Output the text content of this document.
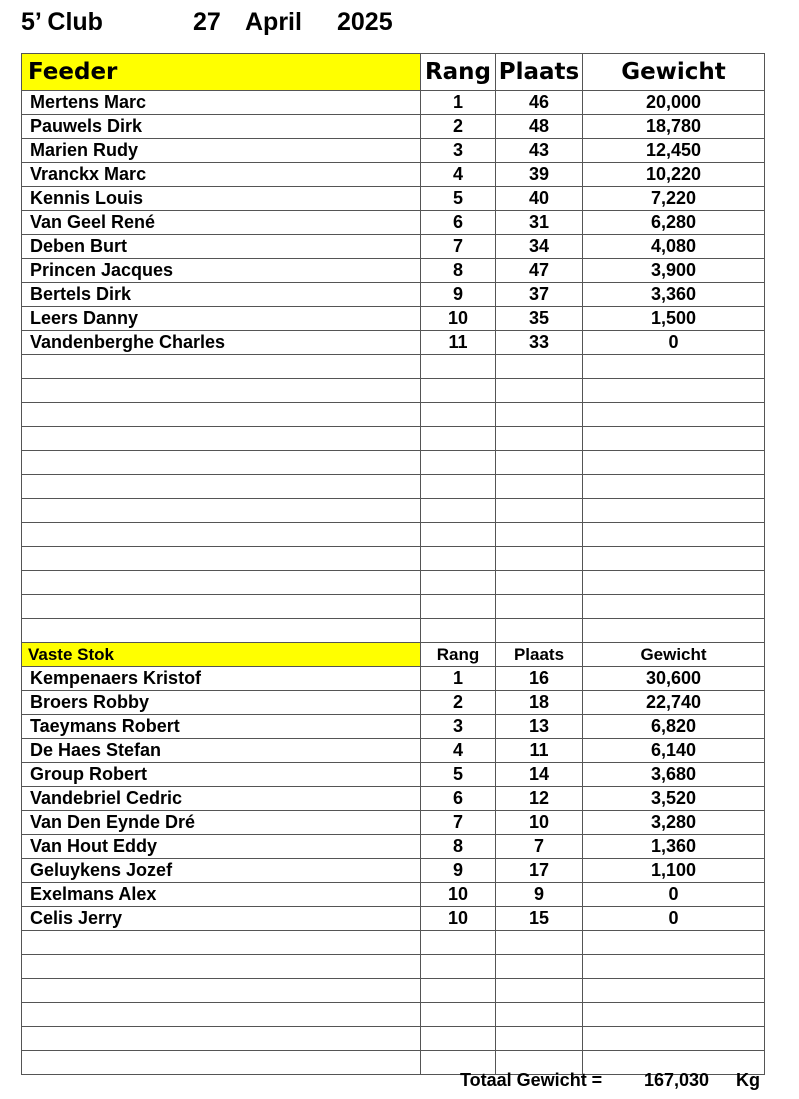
5’ Club	27 April 2025
Feeder	Rang	Plaats	Gewicht
Mertens Marc	1	46	20,000
Pauwels Dirk	2	48	18,780
Marien Rudy	3	43	12,450
Vranckx Marc	4	39	10,220
Kennis Louis	5	40	7,220
Van Geel René	6	31	6,280
Deben Burt	7	34	4,080
Princen Jacques	8	47	3,900
Bertels Dirk	9	37	3,360
Leers Danny	10	35	1,500
Vandenberghe Charles	11	33	0

Vaste Stok	Rang	Plaats	Gewicht
Kempenaers Kristof	1	16	30,600
Broers Robby	2	18	22,740
Taeymans Robert	3	13	6,820
De Haes Stefan	4	11	6,140
Group Robert	5	14	3,680
Vandebriel Cedric	6	12	3,520
Van Den Eynde Dré	7	10	3,280
Van Hout Eddy	8	7	1,360
Geluykens Jozef	9	17	1,100
Exelmans Alex	10	9	0
Celis Jerry	10	15	0

Totaal Gewicht = 167,030 Kg
